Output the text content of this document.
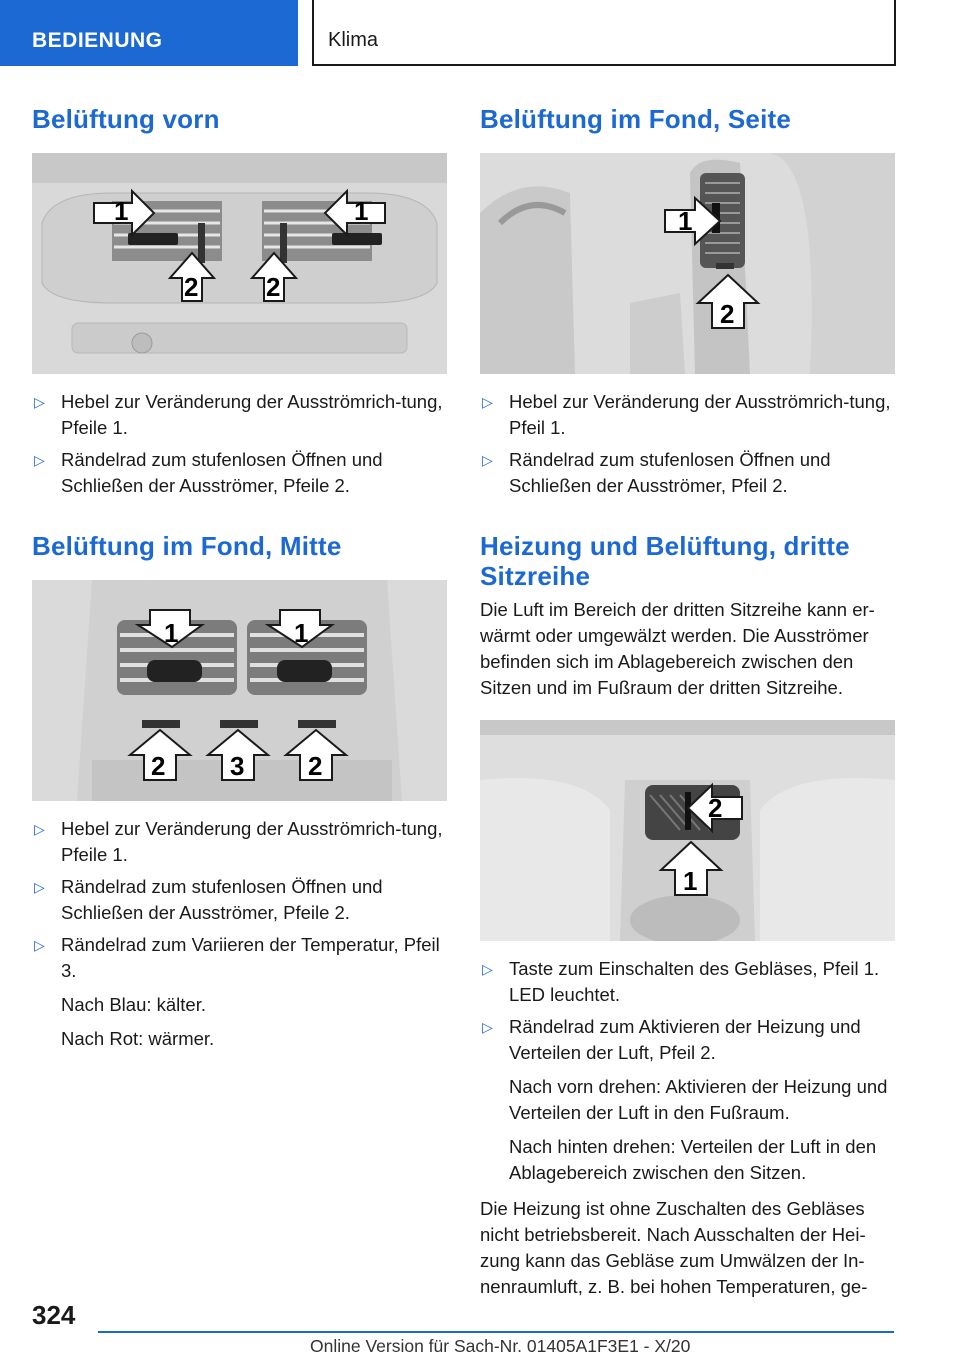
BEDIENUNG	Klima
Belüftung vorn
1	1
2	2
▷ Hebel zur Veränderung der Ausströmrich-tung, Pfeile 1.
▷ Rändelrad zum stufenlosen Öffnen und Schließen der Ausströmer, Pfeile 2.
Belüftung im Fond, Mitte
1	1
2 3 2
▷ Hebel zur Veränderung der Ausströmrich-tung, Pfeile 1.
▷ Rändelrad zum stufenlosen Öffnen und Schließen der Ausströmer, Pfeile 2.
▷ Rändelrad zum Variieren der Temperatur, Pfeil 3.

Nach Blau: kälter.

Nach Rot: wärmer.

Belüftung im Fond, Seite
1
2
▷ Hebel zur Veränderung der Ausströmrich-tung, Pfeil 1.
▷ Rändelrad zum stufenlosen Öffnen und Schließen der Ausströmer, Pfeil 2.
Heizung und Belüftung, dritte
Sitzreihe

Die Luft im Bereich der dritten Sitzreihe kann er-wärmt oder umgewälzt werden. Die Ausströmer befinden sich im Ablagebereich zwischen den Sitzen und im Fußraum der dritten Sitzreihe.

2
1
▷ Taste zum Einschalten des Gebläses, Pfeil 1. LED leuchtet.
▷ Rändelrad zum Aktivieren der Heizung und Verteilen der Luft, Pfeil 2.

Nach vorn drehen: Aktivieren der Heizung und Verteilen der Luft in den Fußraum.

Nach hinten drehen: Verteilen der Luft in den Ablagebereich zwischen den Sitzen.

Die Heizung ist ohne Zuschalten des Gebläses nicht betriebsbereit. Nach Ausschalten der Hei-zung kann das Gebläse zum Umwälzen der In-nenraumluft, z. B. bei hohen Temperaturen, ge-

324
Online Version für Sach-Nr. 01405A1F3E1 - X/20
